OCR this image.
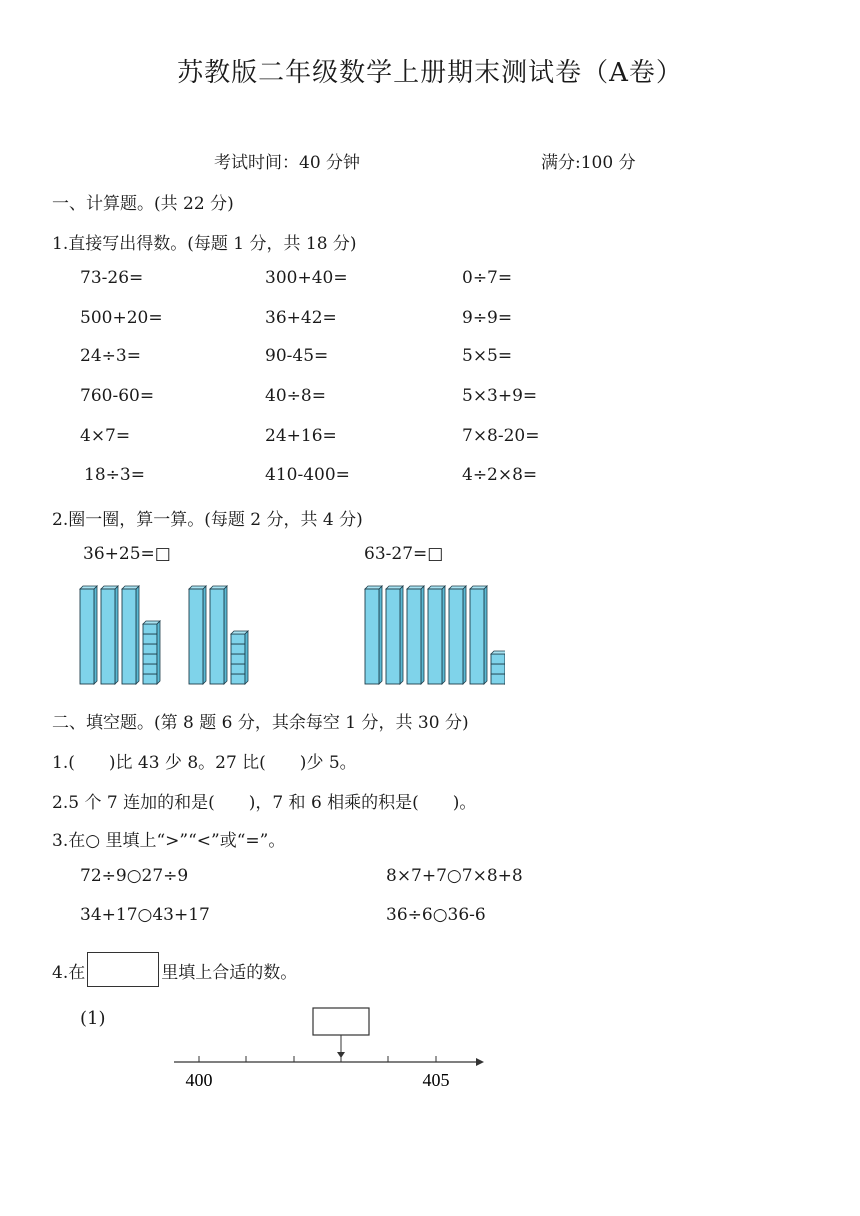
苏教版二年级数学上册期末测试卷（A卷）
考试时间：40 分钟	满分:100 分
一、计算题。(共 22 分)
1.直接写出得数。(每题 1 分，共 18 分)
73-26=	300+40=	0÷7=
500+20=	36+42=	9÷9=
24÷3=	90-45=	5×5=
760-60=	40÷8=	5×3+9=
4×7=	24+16=	7×8-20=
18÷3=	410-400=	4÷2×8=
2.圈一圈，算一算。(每题 2 分，共 4 分)
36+25=□	63-27=□
二、填空题。(第 8 题 6 分，其余每空 1 分，共 30 分)
1.(　　)比 43 少 8。27 比(　　)少 5。
2.5 个 7 连加的和是(　　)，7 和 6 相乘的积是(　　)。
3.在○ 里填上“>”“<”或“=”。
72÷9○27÷9	8×7+7○7×8+8
34+17○43+17	36÷6○36-6
4.在	里填上合适的数。
(1)
400	405
